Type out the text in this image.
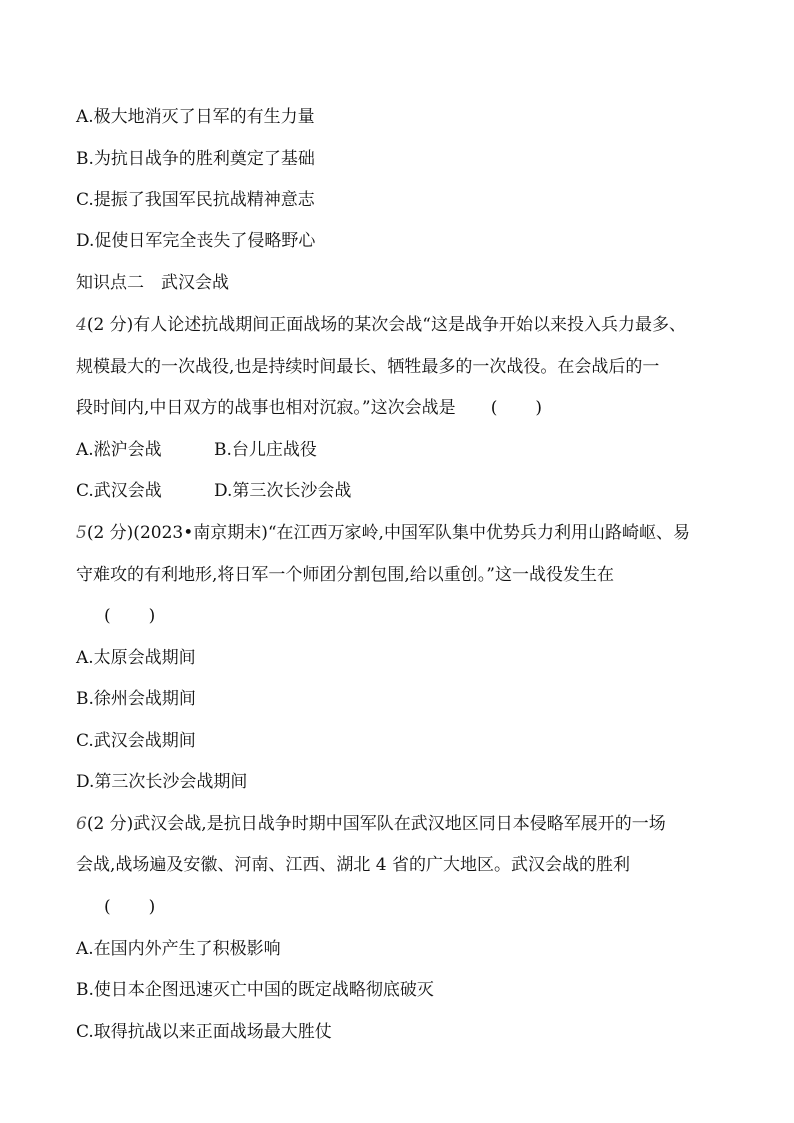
A.极大地消灭了日军的有生力量
B.为抗日战争的胜利奠定了基础
C.提振了我国军民抗战精神意志
D.促使日军完全丧失了侵略野心
知识点二　武汉会战
4(2 分)有人论述抗战期间正面战场的某次会战“这是战争开始以来投入兵力最多、
规模最大的一次战役,也是持续时间最长、牺牲最多的一次战役。在会战后的一
段时间内,中日双方的战事也相对沉寂。”这次会战是 ( )
A.淞沪会战	B.台儿庄战役
C.武汉会战	D.第三次长沙会战
5(2 分)(2023•南京期末)“在江西万家岭,中国军队集中优势兵力利用山路崎岖、易
守难攻的有利地形,将日军一个师团分割包围,给以重创。”这一战役发生在
( )
A.太原会战期间
B.徐州会战期间
C.武汉会战期间
D.第三次长沙会战期间
6(2 分)武汉会战,是抗日战争时期中国军队在武汉地区同日本侵略军展开的一场
会战,战场遍及安徽、河南、江西、湖北 4 省的广大地区。武汉会战的胜利
( )
A.在国内外产生了积极影响
B.使日本企图迅速灭亡中国的既定战略彻底破灭
C.取得抗战以来正面战场最大胜仗
